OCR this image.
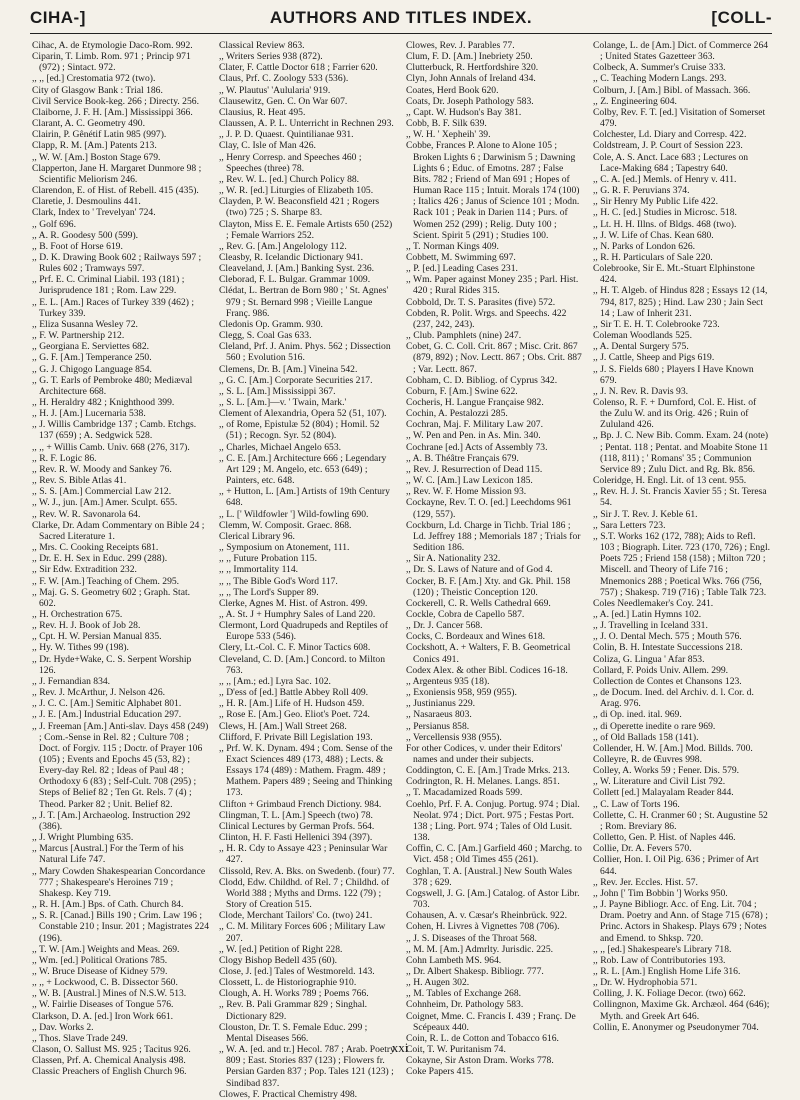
CIHA-]	AUTHORS AND TITLES INDEX.	[COLL-

Cihac, A. de Etymologie Daco-Rom. 992.

Ciparin, T. Limb. Rom. 971 ; Princip 971 (972) ; Sintact. 972.

,, ,, [ed.] Crestomatia 972 (two).

City of Glasgow Bank : Trial 186.

Civil Service Book-keg. 266 ; Directy. 256.

Claiborne, J. F. H. [Am.] Mississippi 366.

Clarant, A. C. Geometry 490.

Clairin, P. Gênétif Latin 985 (997).

Clapp, R. M. [Am.] Patents 213.

,, W. W. [Am.] Boston Stage 679.

Clapperton, Jane H. Margaret Dunmore 98 ; Scientific Meliorism 246.

Clarendon, E. of Hist. of Rebell. 415 (435).

Claretie, J. Desmoulins 441.

Clark, Index to ' Trevelyan' 724.

,, Golf 696.

,, A. R. Goodesy 500 (599).

,, B. Foot of Horse 619.

,, D. K. Drawing Book 602 ; Railways 597 ; Rules 602 ; Tramways 597.

,, Prf. E. C. Criminal Liabil. 193 (181) ; Jurisprudence 181 ; Rom. Law 229.

,, E. L. [Am.] Races of Turkey 339 (462) ; Turkey 339.

,, Eliza Susanna Wesley 72.

,, F. W. Partnership 212.

,, Georgiana E. Serviettes 682.

,, G. F. [Am.] Temperance 250.

,, G. J. Chigogo Language 854.

,, G. T. Earls of Pembroke 480; Mediæval Architecture 668.

,, H. Heraldry 482 ; Knighthood 399.

,, H. J. [Am.] Lucernaria 538.

,, J. Willis Cambridge 137 ; Camb. Etchgs. 137 (659) ; A. Sedgwick 528.

,, ,, + Willis Camb. Univ. 668 (276, 317).

,, R. F. Logic 86.

,, Rev. R. W. Moody and Sankey 76.

,, Rev. S. Bible Atlas 41.

,, S. S. [Am.] Commercial Law 212.

,, W. J., jun. [Am.] Amer. Sculpt. 655.

,, Rev. W. R. Savonarola 64.

Clarke, Dr. Adam Commentary on Bible 24 ; Sacred Literature 1.

,, Mrs. C. Cooking Receipts 681.

,, Dr. E. H. Sex in Educ. 299 (288).

,, Sir Edw. Extradition 232.

,, F. W. [Am.] Teaching of Chem. 295.

,, Maj. G. S. Geometry 602 ; Graph. Stat. 602.

,, H. Orchestration 675.

,, Rev. H. J. Book of Job 28.

,, Cpt. H. W. Persian Manual 835.

,, Hy. W. Tithes 99 (198).

,, Dr. Hyde+Wake, C. S. Serpent Worship 126.

,, J. Fernandian 834.

,, Rev. J. McArthur, J. Nelson 426.

,, J. C. C. [Am.] Semitic Alphabet 801.

,, J. E. [Am.] Industrial Education 297.

,, J. Freeman [Am.] Anti-slav. Days 458 (249) ; Com.-Sense in Rel. 82 ; Culture 708 ; Doct. of Forgiv. 115 ; Doctr. of Prayer 106 (105) ; Events and Epochs 45 (53, 82) ; Every-day Rel. 82 ; Ideas of Paul 48 ; Orthodoxy 6 (83) ; Self-Cult. 708 (295) ; Steps of Belief 82 ; Ten Gt. Rels. 7 (4) ; Theod. Parker 82 ; Unit. Belief 82.

,, J. T. [Am.] Archaeolog. Instruction 292 (386).

,, J. Wright Plumbing 635.

,, Marcus [Austral.] For the Term of his Natural Life 747.

,, Mary Cowden Shakespearian Concordance 777 ; Shakespeare's Heroines 719 ; Shakesp. Key 719.

,, R. H. [Am.] Bps. of Cath. Church 84.

,, S. R. [Canad.] Bills 190 ; Crim. Law 196 ; Constable 210 ; Insur. 201 ; Magistrates 224 (196).

,, T. W. [Am.] Weights and Meas. 269.

,, Wm. [ed.] Political Orations 785.

,, W. Bruce Disease of Kidney 579.

,, ,, + Lockwood, C. B. Dissector 560.

,, W. B. [Austral.] Mines of N.S.W. 513.

,, W. Fairlie Diseases of Tongue 576.

Clarkson, D. A. [ed.] Iron Work 661.

,, Dav. Works 2.

,, Thos. Slave Trade 249.

Clason, O. Sallust MS. 925 ; Tacitus 926.

Classen, Prf. A. Chemical Analysis 498.

Classic Preachers of English Church 96.

Classical Review 863.

,, Writers Series 938 (872).

Clater, F. Cattle Doctor 618 ; Farrier 620.

Claus, Prf. C. Zoology 533 (536).

,, W. Plautus' 'Aulularia' 919.

Clausewitz, Gen. C. On War 607.

Clausius, R. Heat 495.

Claussen, A. P. L. Unterricht in Rechnen 293.

,, J. P. D. Quaest. Quintilianae 931.

Clay, C. Isle of Man 426.

,, Henry Corresp. and Speeches 460 ; Speeches (three) 78.

,, Rev. W. L. [ed.] Church Policy 88.

,, W. R. [ed.] Liturgies of Elizabeth 105.

Clayden, P. W. Beaconsfield 421 ; Rogers (two) 725 ; S. Sharpe 83.

Clayton, Miss E. E. Female Artists 650 (252) ; Female Warriors 252.

,, Rev. G. [Am.] Angelology 112.

Cleasby, R. Icelandic Dictionary 941.

Cleaveland, J. [Am.] Banking Syst. 236.

Cleborad, F. L. Bulgar. Grammar 1009.

Clédat, L. Bertran de Born 980 ; ' St. Agnes' 979 ; St. Bernard 998 ; Vieille Langue Franç. 986.

Cledonis Op. Gramm. 930.

Clegg, S. Coal Gas 633.

Cleland, Prf. J. Anim. Phys. 562 ; Dissection 560 ; Evolution 516.

Clemens, Dr. B. [Am.] Vineina 542.

,, G. C. [Am.] Corporate Securities 217.

,, S. L. [Am.] Mississippi 367.

,, S. L. [Am.]—v. ' Twain, Mark.'

Clement of Alexandria, Opera 52 (51, 107).

,, of Rome, Epistulæ 52 (804) ; Homil. 52 (51) ; Recogn. Syr. 52 (804).

,, Charles, Michael Angelo 653.

,, C. E. [Am.] Architecture 666 ; Legendary Art 129 ; M. Angelo, etc. 653 (649) ; Painters, etc. 648.

,, + Hutton, L. [Am.] Artists of 19th Century 648.

,, L. [' Wildfowler '] Wild-fowling 690.

Clemm, W. Composit. Graec. 868.

Clerical Library 96.

,, Symposium on Atonement, 111.

,, ,, Future Probation 115.

,, ,, Immortality 114.

,, ,, The Bible God's Word 117.

,, ,, The Lord's Supper 89.

Clerke, Agnes M. Hist. of Astron. 499.

,, A. St. J + Humphry Sales of Land 220.

Clermont, Lord Quadrupeds and Reptiles of Europe 533 (546).

Clery, Lt.-Col. C. F. Minor Tactics 608.

Cleveland, C. D. [Am.] Concord. to Milton 763.

,, ,, [Am.; ed.] Lyra Sac. 102.

,, D'ess of [ed.] Battle Abbey Roll 409.

,, H. R. [Am.] Life of H. Hudson 459.

,, Rose E. [Am.] Geo. Eliot's Poet. 724.

Clews, H. [Am.] Wall Street 268.

Clifford, F. Private Bill Legislation 193.

,, Prf. W. K. Dynam. 494 ; Com. Sense of the Exact Sciences 489 (173, 488) ; Lects. & Essays 174 (489) : Mathem. Fragm. 489 ; Mathem. Papers 489 ; Seeing and Thinking 173.

Clifton + Grimbaud French Dictiony. 984.

Clingman, T. L. [Am.] Speech (two) 78.

Clinical Lectures by German Profs. 564.

Clinton, H. F. Fasti Hellenici 394 (397).

,, H. R. Cdy to Assaye 423 ; Peninsular War 427.

Clissold, Rev. A. Bks. on Swedenb. (four) 77.

Clodd, Edw. Childhd. of Rel. 7 ; Childhd. of World 388 ; Myths and Drms. 122 (79) ; Story of Creation 515.

Clode, Merchant Tailors' Co. (two) 241.

,, C. M. Military Forces 606 ; Military Law 207.

,, W. [ed.] Petition of Right 228.

Clogy Bishop Bedell 435 (60).

Close, J. [ed.] Tales of Westmoreld. 143.

Clossett, L. de Historiographie 910.

Clough, A. H. Works 789 ; Poems 766.

,, Rev. B. Pali Grammar 829 ; Singhal. Dictionary 829.

Clouston, Dr. T. S. Female Educ. 299 ; Mental Diseases 566.

,, W. A. [ed. and tr.] Hecol. 787 ; Arab. Poetry 809 ; East. Stories 837 (123) ; Flowers fr. Persian Garden 837 ; Pop. Tales 121 (123) ; Sindibad 837.

Clowes, F. Practical Chemistry 498.

Clowes, Rev. J. Parables 77.

Clum, F. D. [Am.] Inebriety 250.

Clutterbuck, R. Hertfordshire 320.

Clyn, John Annals of Ireland 434.

Coates, Herd Book 620.

Coats, Dr. Joseph Pathology 583.

,, Capt. W. Hudson's Bay 381.

Cobb, B. F. Silk 639.

,, W. H. ' Xepheih' 39.

Cobbe, Frances P. Alone to Alone 105 ; Broken Lights 6 ; Darwinism 5 ; Dawning Lights 6 ; Educ. of Emotns. 287 ; False Bits. 782 ; Friend of Man 691 ; Hopes of Human Race 115 ; Intuit. Morals 174 (100) ; Italics 426 ; Janus of Science 101 ; Modn. Rack 101 ; Peak in Darien 114 ; Purs. of Women 252 (299) ; Relig. Duty 100 ; Scient. Spirit 5 (291) ; Studies 100.

,, T. Norman Kings 409.

Cobbett, M. Swimming 697.

,, P. [ed.] Leading Cases 231.

,, Wm. Paper against Money 235 ; Parl. Hist. 420 ; Rural Rides 315.

Cobbold, Dr. T. S. Parasites (five) 572.

Cobden, R. Polit. Wrgs. and Speechs. 422 (237, 242, 243).

,, Club. Pamphlets (nine) 247.

Cobet, G. C. Coll. Crit. 867 ; Misc. Crit. 867 (879, 892) ; Nov. Lectt. 867 ; Obs. Crit. 887 ; Var. Lectt. 867.

Cobham, C. D. Bibliog. of Cyprus 342.

Coburn, F. [Am.] Swine 622.

Cocheris, H. Langue Française 982.

Cochin, A. Pestalozzi 285.

Cochran, Maj. F. Military Law 207.

,, W. Pen and Pen. in As. Min. 340.

Cochrane [ed.] Acts of Assembly 73.

,, A. B. Théâtre Français 679.

,, Rev. J. Resurrection of Dead 115.

,, W. C. [Am.] Law Lexicon 185.

,, Rev. W. F. Home Mission 93.

Cockayne, Rev. T. O. [ed.] Leechdoms 961 (129, 557).

Cockburn, Ld. Charge in Tichb. Trial 186 ; Ld. Jeffrey 188 ; Memorials 187 ; Trials for Sedition 186.

,, Sir A. Nationality 232.

,, Dr. S. Laws of Nature and of God 4.

Cocker, B. F. [Am.] Xty. and Gk. Phil. 158 (120) ; Theistic Conception 120.

Cockerell, C. R. Wells Cathedral 669.

Cockle, Cobra de Capello 587.

,, Dr. J. Cancer 568.

Cocks, C. Bordeaux and Wines 618.

Cockshott, A. + Walters, F. B. Geometrical Conics 491.

Codex Alex. & other Bibl. Codices 16-18.

,, Argenteus 935 (18).

,, Exoniensis 958, 959 (955).

,, Justinianus 229.

,, Nasaraeus 803.

,, Persianus 858.

,, Vercellensis 938 (955).

For other Codices, v. under their Editors' names and under their subjects.

Coddington, C. E. [Am.] Trade Mrks. 213.

Codrington, R. H. Melanes. Langs. 851.

,, T. Macadamized Roads 599.

Coehlo, Prf. F. A. Conjug. Portug. 974 ; Dial. Neolat. 974 ; Dict. Port. 975 ; Festas Port. 138 ; Ling. Port. 974 ; Tales of Old Lusit. 138.

Coffin, C. C. [Am.] Garfield 460 ; Marchg. to Vict. 458 ; Old Times 455 (261).

Coghlan, T. A. [Austral.] New South Wales 378 ; 629.

Cogswell, J. G. [Am.] Catalog. of Astor Libr. 703.

Cohausen, A. v. Cæsar's Rheinbrück. 922.

Cohen, H. Livres à Vignettes 708 (706).

,, J. S. Diseases of the Throat 568.

,, M. M. [Am.] Admrlty. Jurisdic. 225.

Cohn Lambeth MS. 964.

,, Dr. Albert Shakesp. Bibliogr. 777.

,, H. Augen 302.

,, M. Tables of Exchange 268.

Cohnheim, Dr. Pathology 583.

Coignet, Mme. C. Francis I. 439 ; Franç. De Scépeaux 440.

Coin, R. L. de Cotton and Tobacco 616.

Coit, T. W. Puritanism 74.

Cokayne, Sir Aston Dram. Works 778.

Coke Papers 415.

Colange, L. de [Am.] Dict. of Commerce 264 ; United States Gazetteer 363.

Colbeck, A. Summer's Cruise 333.

,, C. Teaching Modern Langs. 293.

Colburn, J. [Am.] Bibl. of Massach. 366.

,, Z. Engineering 604.

Colby, Rev. F. T. [ed.] Visitation of Somerset 479.

Colchester, Ld. Diary and Corresp. 422.

Coldstream, J. P. Court of Session 223.

Cole, A. S. Anct. Lace 683 ; Lectures on Lace-Making 684 ; Tapestry 640.

,, C. A. [ed.] Memls. of Henry v. 411.

,, G. R. F. Peruvians 374.

,, Sir Henry My Public Life 422.

,, H. C. [ed.] Studies in Microsc. 518.

,, Lt. H. H. Illns. of Bldgs. 468 (two).

,, J. W. Life of Chas. Kean 680.

,, N. Parks of London 626.

,, R. H. Particulars of Sale 220.

Colebrooke, Sir E. Mt.-Stuart Elphinstone 424.

,, H. T. Algeb. of Hindus 828 ; Essays 12 (14, 794, 817, 825) ; Hind. Law 230 ; Jain Sect 14 ; Law of Inherit 231.

,, Sir T. E. H. T. Colebrooke 723.

Coleman Woodlands 525.

,, A. Dental Surgery 575.

,, J. Cattle, Sheep and Pigs 619.

,, J. S. Fields 680 ; Players I Have Known 679.

,, J. N. Rev. R. Davis 93.

Colenso, R. F. + Durnford, Col. E. Hist. of the Zulu W. and its Orig. 426 ; Ruin of Zululand 426.

,, Bp. J. C. New Bib. Comm. Exam. 24 (note) ; Pentat. 118 ; Pentat. and Moabite Stone 11 (118, 811) ; ' Romans' 35 ; Communion Service 89 ; Zulu Dict. and Rg. Bk. 856.

Coleridge, H. Engl. Lit. of 13 cent. 955.

,, Rev. H. J. St. Francis Xavier 55 ; St. Teresa 54.

,, Sir J. T. Rev. J. Keble 61.

,, Sara Letters 723.

,, S.T. Works 162 (172, 788); Aids to Refl. 103 ; Biograph. Liter. 723 (170, 726) ; Engl. Poets 725 ; Friend 158 (158) ; Milton 720 ; Miscell. and Theory of Life 716 ; Mnemonics 288 ; Poetical Wks. 766 (756, 757) ; Shakesp. 719 (716) ; Table Talk 723.

Coles Needlemaker's Coy. 241.

,, A. [ed.] Latin Hymns 102.

,, J. Travelling in Iceland 331.

,, J. O. Dental Mech. 575 ; Mouth 576.

Colin, B. H. Intestate Successions 218.

Coliza, G. Lingua ' Afar 853.

Collard, F. Poids Univ. Allem. 299.

Collection de Contes et Chansons 123.

,, de Docum. Ined. del Archiv. d. l. Cor. d. Arag. 976.

,, di Op. ined. ital. 969.

,, di Operette inedite o rare 969.

,, of Old Ballads 158 (141).

Collender, H. W. [Am.] Mod. Billds. 700.

Colleyre, R. de Œuvres 998.

Colley, A. Works 59 ; Fener. Dis. 579.

,, W. Literature and Civil List 792.

Collett [ed.] Malayalam Reader 844.

,, C. Law of Torts 196.

Collette, C. H. Cranmer 60 ; St. Augustine 52 ; Rom. Breviary 86.

Colletto, Gen. P. Hist. of Naples 446.

Collie, Dr. A. Fevers 570.

Collier, Hon. I. Oil Pig. 636 ; Primer of Art 644.

,, Rev. Jer. Eccles. Hist. 57.

,, John [' Tim Bobbin '] Works 950.

,, J. Payne Bibliogr. Acc. of Eng. Lit. 704 ; Dram. Poetry and Ann. of Stage 715 (678) ; Princ. Actors in Shakesp. Plays 679 ; Notes and Emend. to Shksp. 720.

,, ,, [ed.] Shakespeare's Library 718.

,, Rob. Law of Contributories 193.

,, R. L. [Am.] English Home Life 316.

,, Dr. W. Hydrophobia 571.

Colling, J. K. Foliage Decor. (two) 662.

Collingnon, Maxime Gk. Archæol. 464 (646); Myth. and Greek Art 646.

Collin, E. Anonymer og Pseudonymer 704.

xxi
